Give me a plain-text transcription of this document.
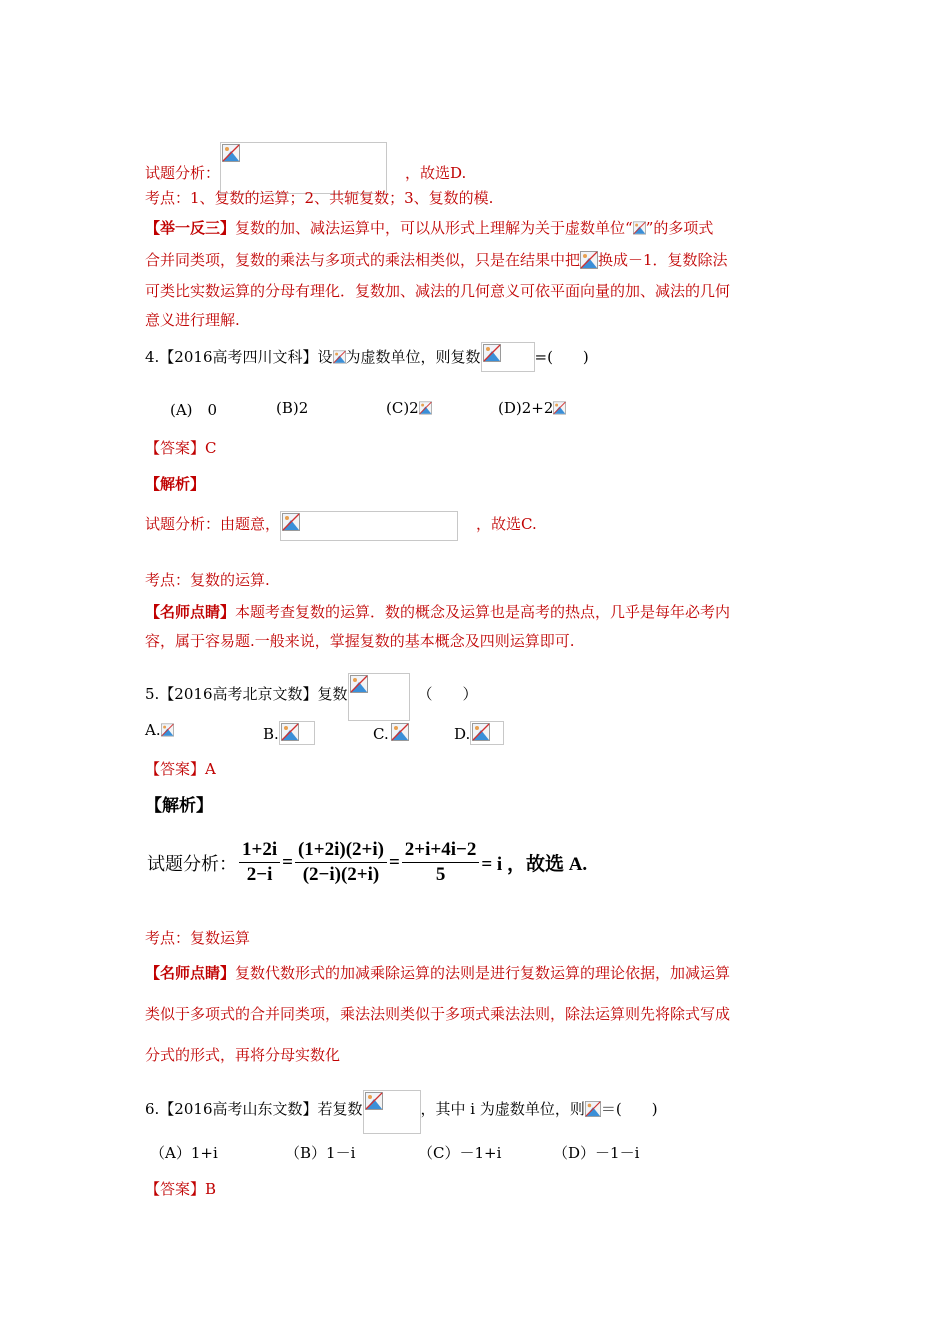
试题分析：	，故选D.
考点：1、复数的运算；2、共轭复数；3、复数的模.
【举一反三】复数的加、减法运算中，可以从形式上理解为关于虚数单位“ ”的多项式
合并同类项，复数的乘法与多项式的乘法相类似，只是在结果中把 换成－1．复数除法
可类比实数运算的分母有理化．复数加、减法的几何意义可依平面向量的加、减法的几何
意义进行理解.
4.【2016高考四川文科】设 为虚数单位，则复数	=(　　)
(A)　0	(B)2	(C)2	(D)2+2
【答案】C
【解析】
试题分析：由题意，	，故选C.
考点：复数的运算.
【名师点睛】本题考查复数的运算．数的概念及运算也是高考的热点，几乎是每年必考内
容，属于容易题.一般来说，掌握复数的基本概念及四则运算即可.
5.【2016高考北京文数】复数	（　　）
A.	B.	C.	D.
【答案】A
【解析】
试题分析： $\frac{1+2i}{2-i} = \frac{(1+2i)(2+i)}{(2-i)(2+i)} = \frac{2+i+4i-2}{5} = i$ ，故选 A.
考点：复数运算
【名师点睛】复数代数形式的加减乘除运算的法则是进行复数运算的理论依据，加减运算
类似于多项式的合并同类项，乘法法则类似于多项式乘法法则，除法运算则先将除式写成
分式的形式，再将分母实数化
6.【2016高考山东文数】若复数	，其中 i 为虚数单位，则 ＝(　　)
（A）1+i	（B）1－i	（C）－1+i	（D）－1－i
【答案】B
